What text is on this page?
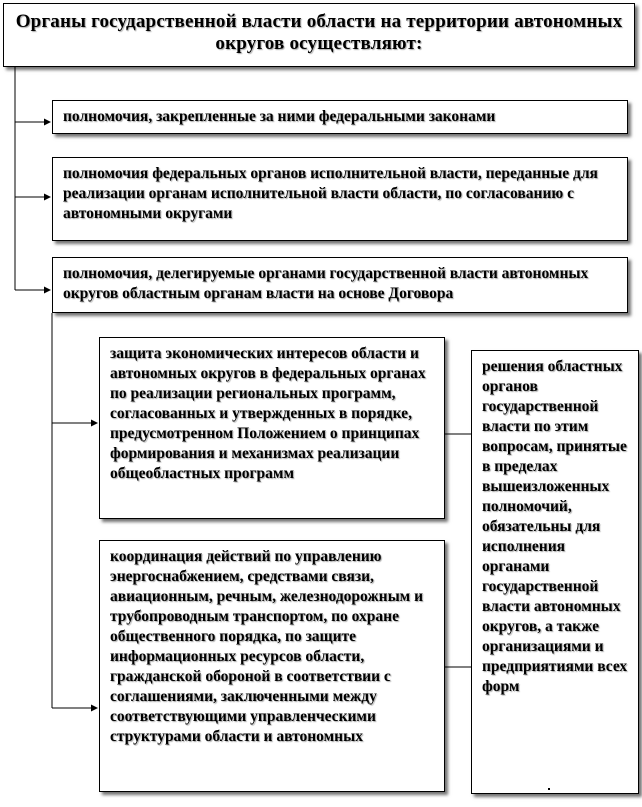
Органы государственной власти области на территории автономных округов осуществляют:
полномочия, закрепленные за ними федеральными законами
полномочия федеральных органов исполнительной власти, переданные для реализации органам исполнительной власти области, по согласованию с автономными округами
полномочия, делегируемые органами государственной власти автономных округов областным органам власти на основе Договора
защита экономических интересов области и автономных округов в федеральных органах по реализации региональных программ, согласованных и утвержденных в порядке, предусмотренном Положением о принципах формирования и механизмах реализации общеобластных программ
координация действий по управлению энергоснабжением, средствами связи, авиационным, речным, железнодорожным и трубопроводным транспортом, по охране общественного порядка, по защите информационных ресурсов области, гражданской обороной в соответствии с соглашениями, заключенными между соответствующими управленческими структурами области и автономных
решения областных органов государственной власти по этим вопросам, принятые в пределах вышеизложенных полномочий, обязательны для исполнения органами государственной власти автономных округов, а также организациями и предприятиями всех форм
